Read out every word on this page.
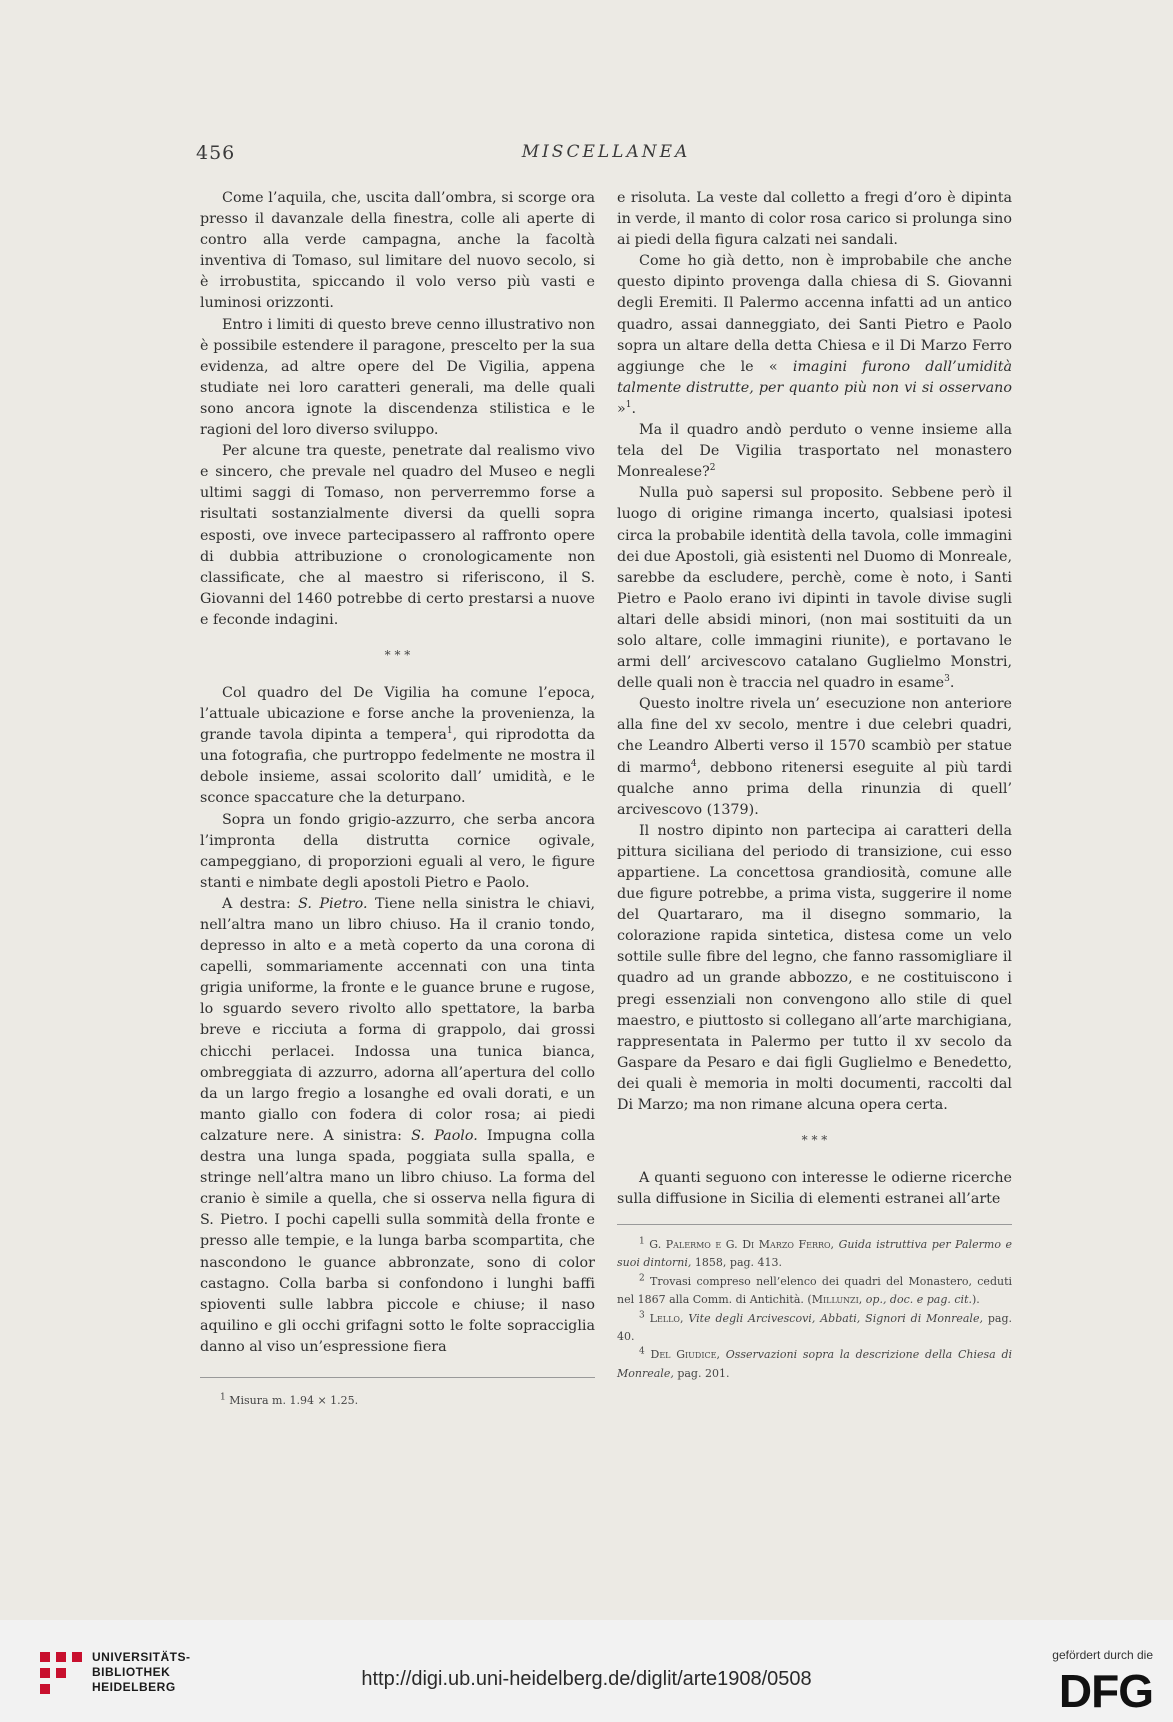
456	MISCELLANEA

Come l’aquila, che, uscita dall’ombra, si scorge ora presso il davanzale della finestra, colle ali aperte di contro alla verde campagna, anche la facoltà inventiva di Tomaso, sul limitare del nuovo secolo, si è irrobustita, spiccando il volo verso più vasti e luminosi orizzonti.

Entro i limiti di questo breve cenno illustrativo non è possibile estendere il paragone, prescelto per la sua evidenza, ad altre opere del De Vigilia, appena studiate nei loro caratteri generali, ma delle quali sono ancora ignote la discendenza stilistica e le ragioni del loro diverso sviluppo.

Per alcune tra queste, penetrate dal realismo vivo e sincero, che prevale nel quadro del Museo e negli ultimi saggi di Tomaso, non perverremmo forse a risultati sostanzialmente diversi da quelli sopra esposti, ove invece partecipassero al raffronto opere di dubbia attribuzione o cronologicamente non classificate, che al maestro si riferiscono, il S. Giovanni del 1460 potrebbe di certo prestarsi a nuove e feconde indagini.

* * *

Col quadro del De Vigilia ha comune l’epoca, l’attuale ubicazione e forse anche la provenienza, la grande tavola dipinta a tempera$^1$, qui riprodotta da una fotografia, che purtroppo fedelmente ne mostra il debole insieme, assai scolorito dall’ umidità, e le sconce spaccature che la deturpano.

Sopra un fondo grigio-azzurro, che serba ancora l’impronta della distrutta cornice ogivale, campeggiano, di proporzioni eguali al vero, le figure stanti e nimbate degli apostoli Pietro e Paolo.

A destra: S. Pietro. Tiene nella sinistra le chiavi, nell’altra mano un libro chiuso. Ha il cranio tondo, depresso in alto e a metà coperto da una corona di capelli, sommariamente accennati con una tinta grigia uniforme, la fronte e le guance brune e rugose, lo sguardo severo rivolto allo spettatore, la barba breve e ricciuta a forma di grappolo, dai grossi chicchi perlacei. Indossa una tunica bianca, ombreggiata di azzurro, adorna all’apertura del collo da un largo fregio a losanghe ed ovali dorati, e un manto giallo con fodera di color rosa; ai piedi calzature nere. A sinistra: S. Paolo. Impugna colla destra una lunga spada, poggiata sulla spalla, e stringe nell’altra mano un libro chiuso. La forma del cranio è simile a quella, che si osserva nella figura di S. Pietro. I pochi capelli sulla sommità della fronte e presso alle tempie, e la lunga barba scompartita, che nascondono le guance abbronzate, sono di color castagno. Colla barba si confondono i lunghi baffi spioventi sulle labbra piccole e chiuse; il naso aquilino e gli occhi grifagni sotto le folte sopracciglia danno al viso un’espressione fiera

$^1$ Misura m. 1.94 × 1.25.

e risoluta. La veste dal colletto a fregi d’oro è dipinta in verde, il manto di color rosa carico si prolunga sino ai piedi della figura calzati nei sandali.

Come ho già detto, non è improbabile che anche questo dipinto provenga dalla chiesa di S. Giovanni degli Eremiti. Il Palermo accenna infatti ad un antico quadro, assai danneggiato, dei Santi Pietro e Paolo sopra un altare della detta Chiesa e il Di Marzo Ferro aggiunge che le « imagini furono dall’umidità talmente distrutte, per quanto più non vi si osservano »$^1$.

Ma il quadro andò perduto o venne insieme alla tela del De Vigilia trasportato nel monastero Monrealese?$^2$

Nulla può sapersi sul proposito. Sebbene però il luogo di origine rimanga incerto, qualsiasi ipotesi circa la probabile identità della tavola, colle immagini dei due Apostoli, già esistenti nel Duomo di Monreale, sarebbe da escludere, perchè, come è noto, i Santi Pietro e Paolo erano ivi dipinti in tavole divise sugli altari delle absidi minori, (non mai sostituiti da un solo altare, colle immagini riunite), e portavano le armi dell’ arcivescovo catalano Guglielmo Monstri, delle quali non è traccia nel quadro in esame$^3$.

Questo inoltre rivela un’ esecuzione non anteriore alla fine del xv secolo, mentre i due celebri quadri, che Leandro Alberti verso il 1570 scambiò per statue di marmo$^4$, debbono ritenersi eseguite al più tardi qualche anno prima della rinunzia di quell’ arcivescovo (1379).

Il nostro dipinto non partecipa ai caratteri della pittura siciliana del periodo di transizione, cui esso appartiene. La concettosa grandiosità, comune alle due figure potrebbe, a prima vista, suggerire il nome del Quartararo, ma il disegno sommario, la colorazione rapida sintetica, distesa come un velo sottile sulle fibre del legno, che fanno rassomigliare il quadro ad un grande abbozzo, e ne costituiscono i pregi essenziali non convengono allo stile di quel maestro, e piuttosto si collegano all’arte marchigiana, rappresentata in Palermo per tutto il xv secolo da Gaspare da Pesaro e dai figli Guglielmo e Benedetto, dei quali è memoria in molti documenti, raccolti dal Di Marzo; ma non rimane alcuna opera certa.

* * *

A quanti seguono con interesse le odierne ricerche sulla diffusione in Sicilia di elementi estranei all’arte

$^1$ G. Palermo e G. Di Marzo Ferro, Guida istruttiva per Palermo e suoi dintorni, 1858, pag. 413.

$^2$ Trovasi compreso nell’elenco dei quadri del Monastero, ceduti nel 1867 alla Comm. di Antichità. (Millunzi, op., doc. e pag. cit.).

$^3$ Lello, Vite degli Arcivescovi, Abbati, Signori di Monreale, pag. 40.

$^4$ Del Giudice, Osservazioni sopra la descrizione della Chiesa di Monreale, pag. 201.

UNIVERSITÄTS-
BIBLIOTHEK
HEIDELBERG	http://digi.ub.uni-heidelberg.de/diglit/arte1908/0508
gefördert durch die
DFG
